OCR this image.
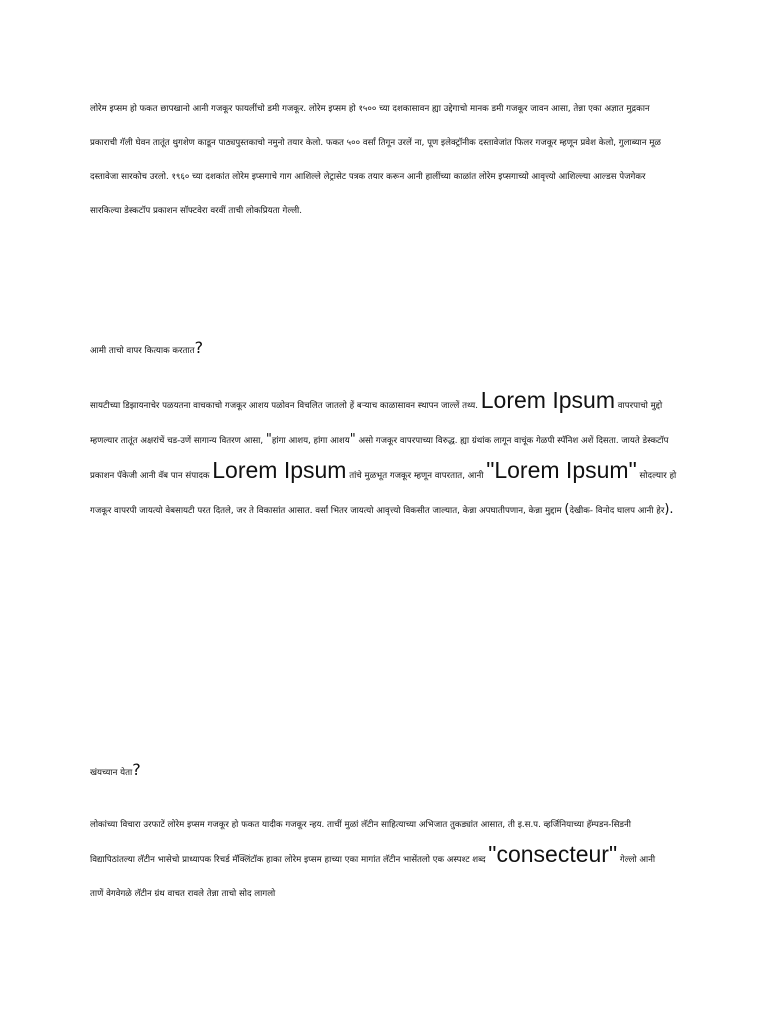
लोरेम इप्सम हो फकत छापखानो आनी गजकूर फायलींचो डमी गजकूर. लोरेम इप्सम हो १५०० च्या दशकासावन ह्या उद्देगाचो मानक डमी गजकूर जावन आसा, तेन्ना एका अज्ञात मुद्रकान प्रकाराची गॅली घेवन तातूंत थुगशेण काडून पाठ्यपुस्तकाचो नमुनो तयार केलो. फकत ५०० वर्सां तिगून उरलें ना, पूण इलेक्ट्रॉनीक दस्तावेजांत फिलर गजकूर म्हणून प्रवेश केलो, गुलाब्यान मूळ दस्तावेजा सारकोच उरलो. १९६० च्या दशकांत लोरेम इप्सगाचे गाग आशिल्ले लेट्रासेट पत्रक तयार करून आनी हालींच्या काळांत लोरेम इप्सगाच्यो आवृत्त्यो आशिल्ल्या आल्डस पेजगेकर सारकिल्या डेस्कटॉप प्रकाशन सॉफ्टवेरा वरवीं ताची लोकप्रियता गेल्ली.

आमी ताचो वापर कित्याक करतात?

सायटीच्या डिझायनाचेर पळयतना वाचकाचो गजकूर आशय पळोवन विचलित जातलो हें बऱ्याच काळासावन स्थापन जाल्लें तथ्य. Lorem Ipsum वापरपाचो मुद्दो म्हणल्यार तातूंत अक्षरांचें चड-उणें सागान्य वितरण आसा, "हांगा आशय, हांगा आशय" असो गजकूर वापरपाच्या विरुद्ध. ह्या ग्रंथांक लागून वाचूंक गेळपी स्पॅनिश अशें दिसता. जायते डेस्कटॉप प्रकाशन पॅकेजी आनी वॅब पान संपादक Lorem Ipsum तांचे मुळभूत गजकूर म्हणून वापरतात, आनी "Lorem Ipsum" सोदल्यार हो गजकूर वापरपी जायत्यो वेबसायटी परत दितले, जर ते विकासांत आसात. वर्सां भितर जायत्यो आवृत्त्यो विकसीत जाल्यात, केन्ना अपघातीपणान, केन्ना मुद्दाम (देखीक- विनोद घालप आनी हेर).

खंयच्यान येता?

लोकांच्या विचारा उरफाटें लोरेम इप्सम गजकूर हो फकत यादीक गजकूर न्हय. ताचीं मुळां लॅटीन साहित्याच्या अभिजात तुकड्यांत आसात, ती इ.स.प. व्हर्जिनियाच्या हॅम्पडन-सिडनी विद्यापिठांतल्या लॅटीन भासेचो प्राध्यापक रिचर्ड मॅक्लिंटॉक हाका लोरेम इप्सम हाच्या एका मागांत लॅटीन भासेंतलो एक अस्पश्ट शब्द "consecteur" गेल्लो आनी ताणें वेगवेगळे लॅटीन ग्रंथ वाचत रावले तेन्ना ताचो सोद लागलो
